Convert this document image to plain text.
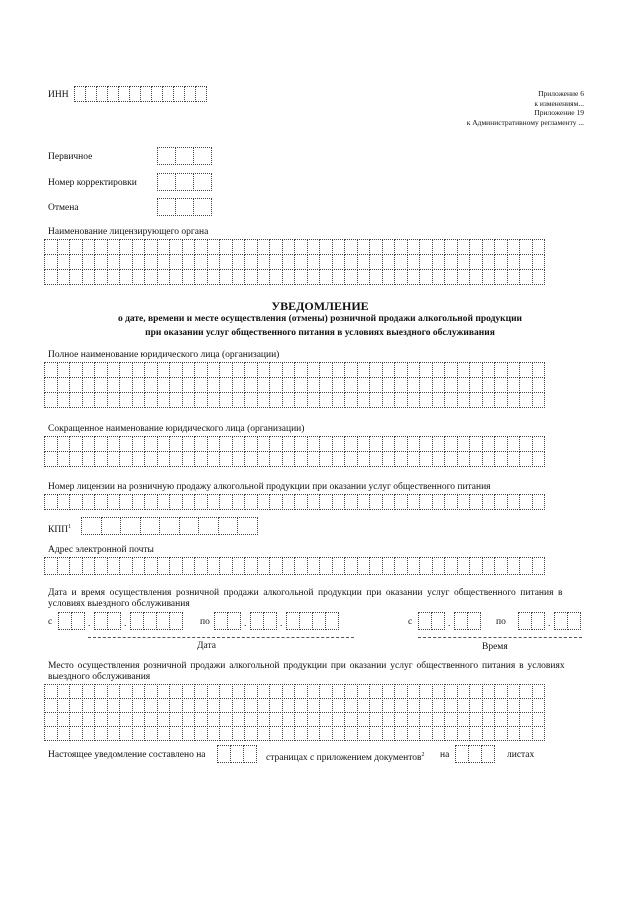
ИНН	Приложение 6
к изменениям...
Приложение 19
к Административному регламенту ...
Первичное
Номер корректировки
Отмена
Наименование лицензирующего органа
УВЕДОМЛЕНИЕ
о дате, времени и месте осуществления (отмены) розничной продажи алкогольной продукции
при оказании услуг общественного питания в условиях выездного обслуживания
Полное наименование юридического лица (организации)
Сокращенное наименование юридического лица (организации)
Номер лицензии на розничную продажу алкогольной продукции при оказании услуг общественного питания
КПП$^1$
Адрес электронной почты
Дата и время осуществления розничной продажи алкогольной продукции при оказании услуг общественного питания в
условиях выездного обслуживания
с	.	.	по	.	.
Дата
с	.	по	.
Время
Место осуществления розничной продажи алкогольной продукции при оказании услуг общественного питания в условиях
выездного обслуживания
Настоящее уведомление составлено на	страницах с приложением документов$^2$ на	листах
